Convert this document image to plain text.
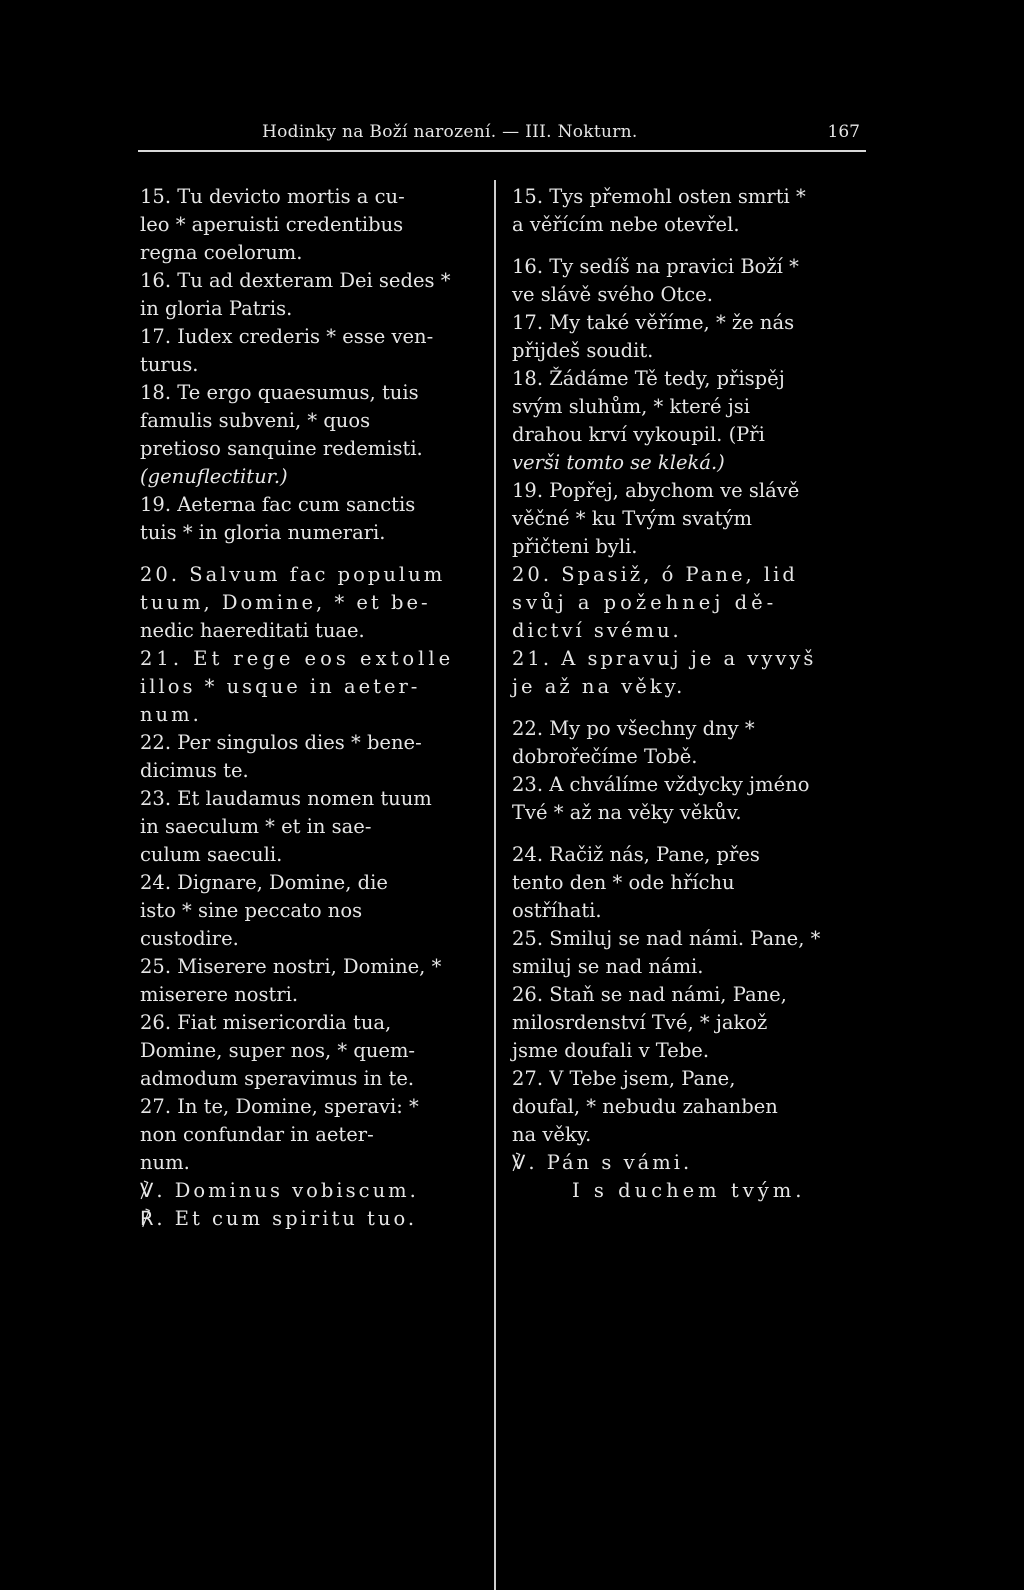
Hodinky na Boží narození. — III. Nokturn.	167
15. Tu devicto mortis a cu-
leo * aperuisti credentibus
regna coelorum.
16. Tu ad dexteram Dei sedes *
in gloria Patris.
17. Iudex crederis * esse ven-
turus.
18. Te ergo quaesumus, tuis
famulis subveni, * quos
pretioso sanquine redemisti.
(genuflectitur.)
19. Aeterna fac cum sanctis
tuis * in gloria numerari.
20. Salvum fac populum
tuum, Domine, * et be-
nedic haereditati tuae.
21. Et rege eos extolle
illos * usque in aeter-
num.
22. Per singulos dies * bene-
dicimus te.
23. Et laudamus nomen tuum
in saeculum * et in sae-
culum saeculi.
24. Dignare, Domine, die
isto * sine peccato nos
custodire.
25. Miserere nostri, Domine, *
miserere nostri.
26. Fiat misericordia tua,
Domine, super nos, * quem-
admodum speravimus in te.
27. In te, Domine, speravi: *
non confundar in aeter-
num.
℣. Dominus vobiscum.
℟. Et cum spiritu tuo.
15. Tys přemohl osten smrti *
a věřícím nebe otevřel.
16. Ty sedíš na pravici Boží *
ve slávě svého Otce.
17. My také věříme, * že nás
přijdeš soudit.
18. Žádáme Tě tedy, přispěj
svým sluhům, * které jsi
drahou krví vykoupil. (Při
verši tomto se kleká.)
19. Popřej, abychom ve slávě
věčné * ku Tvým svatým
přičteni byli.
20. Spasiž, ó Pane, lid
svůj a požehnej dě-
dictví svému.
21. A spravuj je a vyvyš
je až na věky.
22. My po všechny dny *
dobrořečíme Tobě.
23. A chválíme vždycky jméno
Tvé * až na věky věkův.
24. Račiž nás, Pane, přes
tento den * ode hříchu
ostříhati.
25. Smiluj se nad námi. Pane, *
smiluj se nad námi.
26. Staň se nad námi, Pane,
milosrdenství Tvé, * jakož
jsme doufali v Tebe.
27. V Tebe jsem, Pane,
doufal, * nebudu zahanben
na věky.
℣. Pán s vámi.
I s duchem tvým.
